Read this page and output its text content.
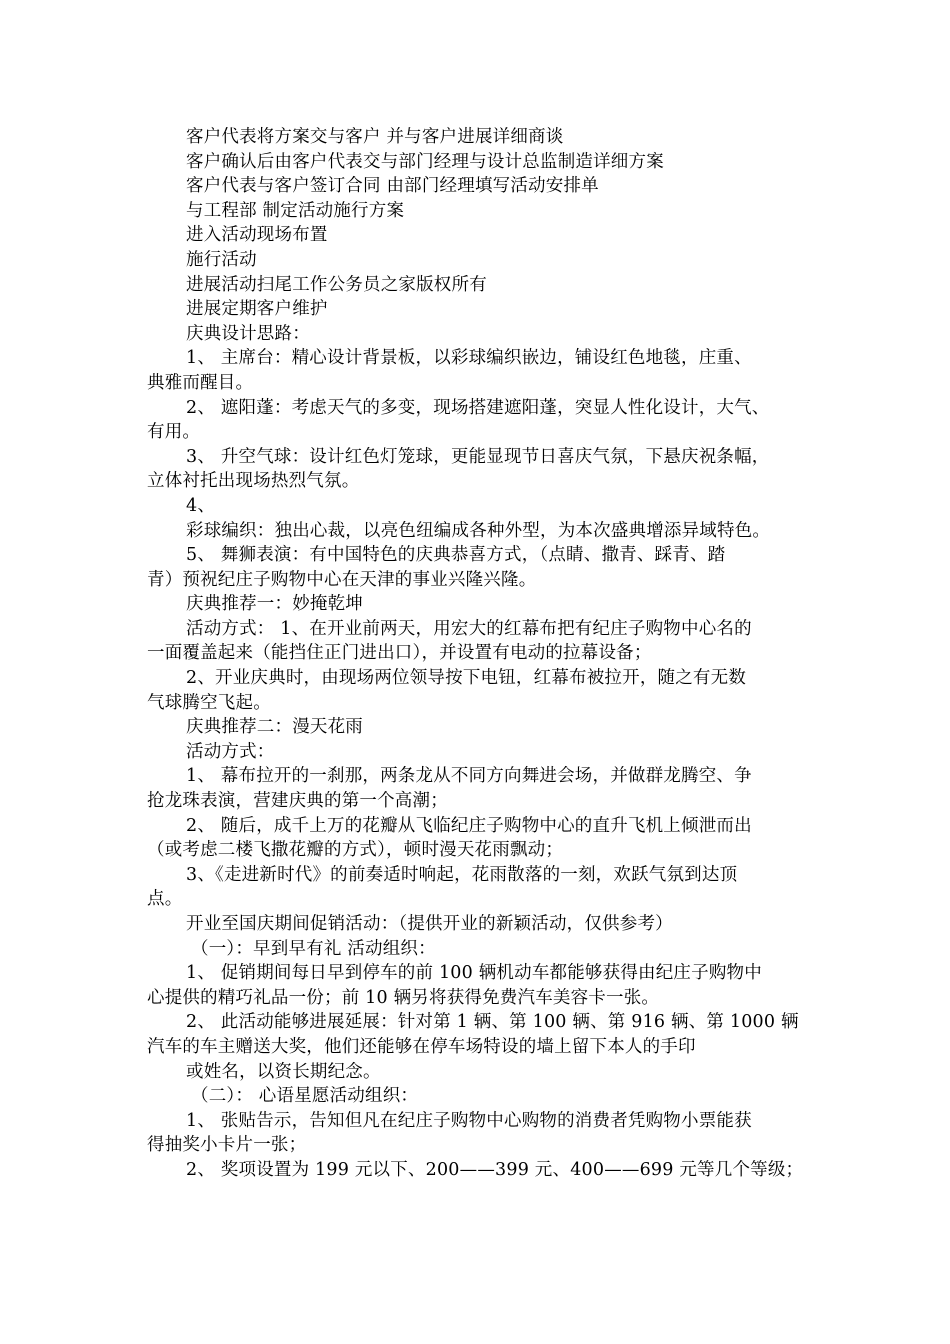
客户代表将方案交与客户 并与客户进展详细商谈
客户确认后由客户代表交与部门经理与设计总监制造详细方案
客户代表与客户签订合同 由部门经理填写活动安排单
与工程部 制定活动施行方案
进入活动现场布置
施行活动
进展活动扫尾工作公务员之家版权所有
进展定期客户维护
庆典设计思路：
1、 主席台：精心设计背景板，以彩球编织嵌边，铺设红色地毯，庄重、
典雅而醒目。
2、 遮阳蓬：考虑天气的多变，现场搭建遮阳蓬，突显人性化设计，大气、
有用。
3、 升空气球：设计红色灯笼球，更能显现节日喜庆气氛，下悬庆祝条幅，
立体衬托出现场热烈气氛。
4、
彩球编织：独出心裁，以亮色纽编成各种外型，为本次盛典增添异域特色。
5、 舞狮表演：有中国特色的庆典恭喜方式，（点睛、撒青、踩青、踏
青）预祝纪庄子购物中心在天津的事业兴隆兴隆。
庆典推荐一：妙掩乾坤
活动方式： 1、在开业前两天，用宏大的红幕布把有纪庄子购物中心名的
一面覆盖起来（能挡住正门进出口），并设置有电动的拉幕设备；
2、开业庆典时，由现场两位领导按下电钮，红幕布被拉开，随之有无数
气球腾空飞起。
庆典推荐二：漫天花雨
活动方式：
1、 幕布拉开的一刹那，两条龙从不同方向舞进会场，并做群龙腾空、争
抢龙珠表演，营建庆典的第一个高潮；
2、 随后，成千上万的花瓣从飞临纪庄子购物中心的直升飞机上倾泄而出
（或考虑二楼飞撒花瓣的方式），顿时漫天花雨飘动；
3、《走进新时代》的前奏适时响起，花雨散落的一刻，欢跃气氛到达顶
点。
开业至国庆期间促销活动：（提供开业的新颖活动，仅供参考）
（一）：早到早有礼 活动组织：
1、 促销期间每日早到停车的前 100 辆机动车都能够获得由纪庄子购物中
心提供的精巧礼品一份；前 10 辆另将获得免费汽车美容卡一张。
2、 此活动能够进展延展：针对第 1 辆、第 100 辆、第 916 辆、第 1000 辆
汽车的车主赠送大奖，他们还能够在停车场特设的墙上留下本人的手印
或姓名，以资长期纪念。
（二）： 心语星愿活动组织：
1、 张贴告示，告知但凡在纪庄子购物中心购物的消费者凭购物小票能获
得抽奖小卡片一张；
2、 奖项设置为 199 元以下、200——399 元、400——699 元等几个等级；
